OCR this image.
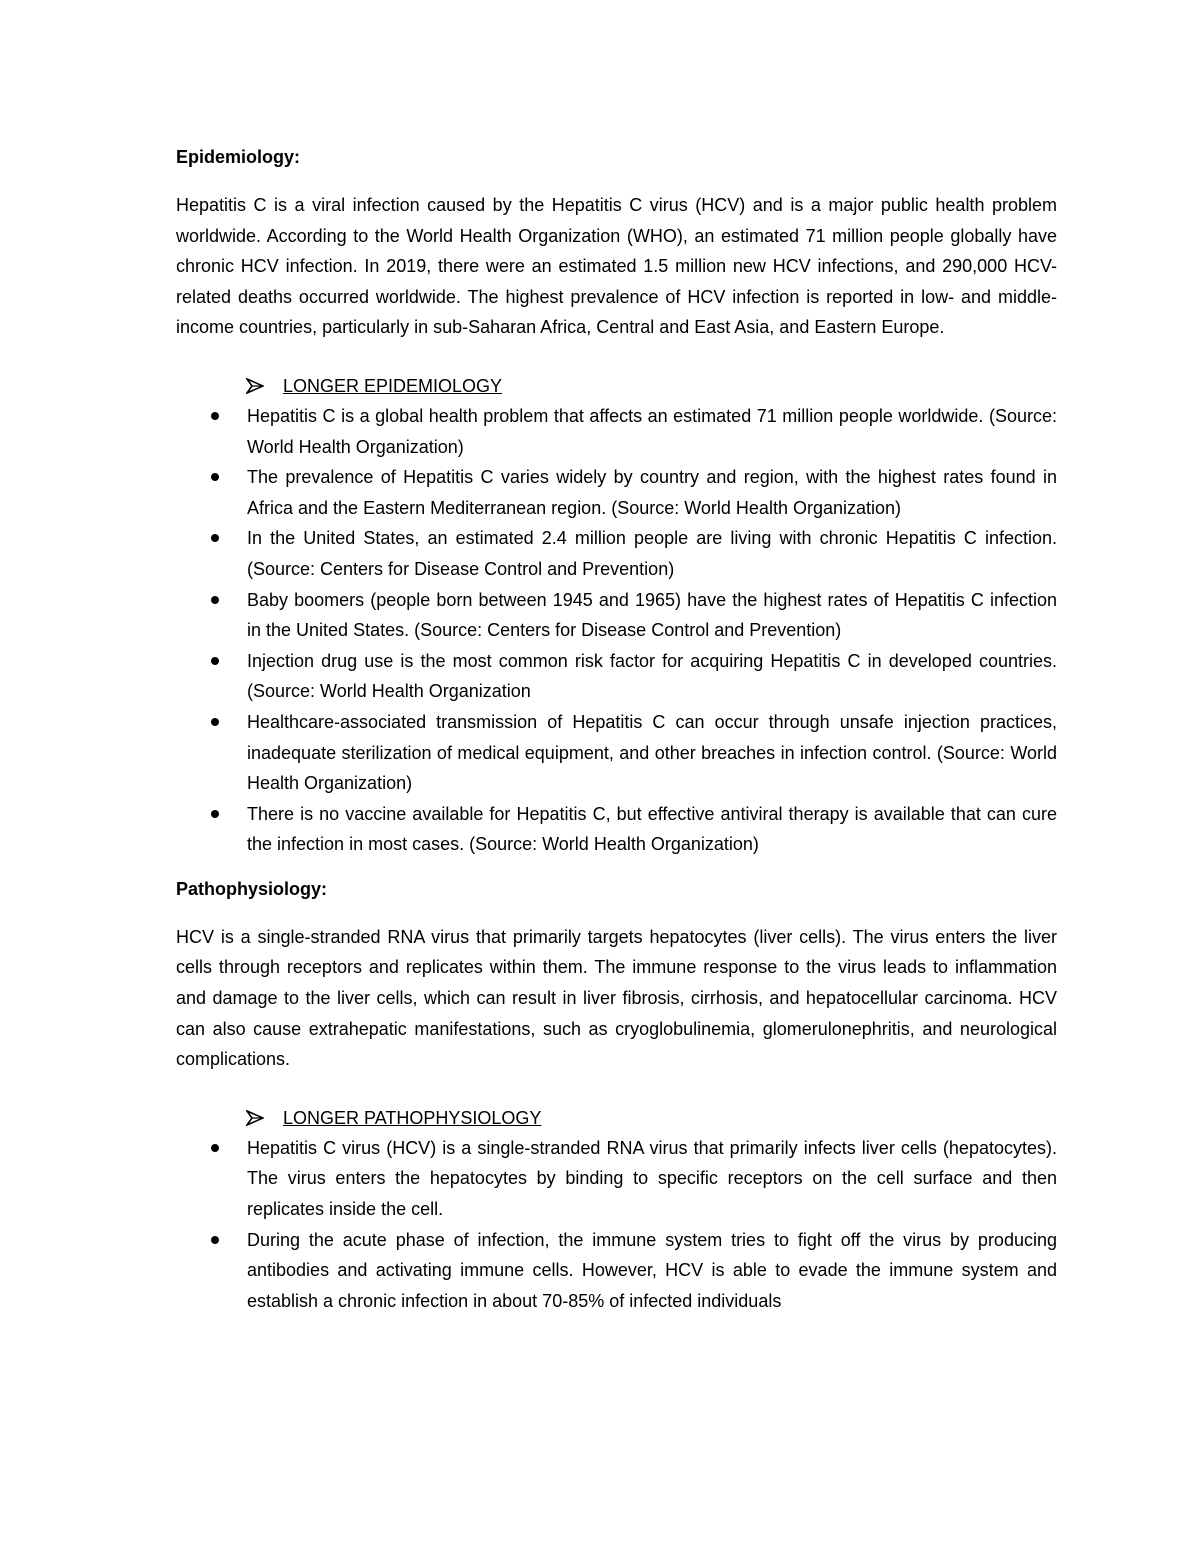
Epidemiology:
Hepatitis C is a viral infection caused by the Hepatitis C virus (HCV) and is a major public health problem worldwide. According to the World Health Organization (WHO), an estimated 71 million people globally have chronic HCV infection. In 2019, there were an estimated 1.5 million new HCV infections, and 290,000 HCV-related deaths occurred worldwide. The highest prevalence of HCV infection is reported in low- and middle-income countries, particularly in sub-Saharan Africa, Central and East Asia, and Eastern Europe.
LONGER EPIDEMIOLOGY
Hepatitis C is a global health problem that affects an estimated 71 million people worldwide. (Source: World Health Organization)
The prevalence of Hepatitis C varies widely by country and region, with the highest rates found in Africa and the Eastern Mediterranean region. (Source: World Health Organization)
In the United States, an estimated 2.4 million people are living with chronic Hepatitis C infection. (Source: Centers for Disease Control and Prevention)
Baby boomers (people born between 1945 and 1965) have the highest rates of Hepatitis C infection in the United States. (Source: Centers for Disease Control and Prevention)
Injection drug use is the most common risk factor for acquiring Hepatitis C in developed countries. (Source: World Health Organization
Healthcare-associated transmission of Hepatitis C can occur through unsafe injection practices, inadequate sterilization of medical equipment, and other breaches in infection control. (Source: World Health Organization)
There is no vaccine available for Hepatitis C, but effective antiviral therapy is available that can cure the infection in most cases. (Source: World Health Organization)
Pathophysiology:
HCV is a single-stranded RNA virus that primarily targets hepatocytes (liver cells). The virus enters the liver cells through receptors and replicates within them. The immune response to the virus leads to inflammation and damage to the liver cells, which can result in liver fibrosis, cirrhosis, and hepatocellular carcinoma. HCV can also cause extrahepatic manifestations, such as cryoglobulinemia, glomerulonephritis, and neurological complications.
LONGER PATHOPHYSIOLOGY
Hepatitis C virus (HCV) is a single-stranded RNA virus that primarily infects liver cells (hepatocytes). The virus enters the hepatocytes by binding to specific receptors on the cell surface and then replicates inside the cell.
During the acute phase of infection, the immune system tries to fight off the virus by producing antibodies and activating immune cells. However, HCV is able to evade the immune system and establish a chronic infection in about 70-85% of infected individuals
